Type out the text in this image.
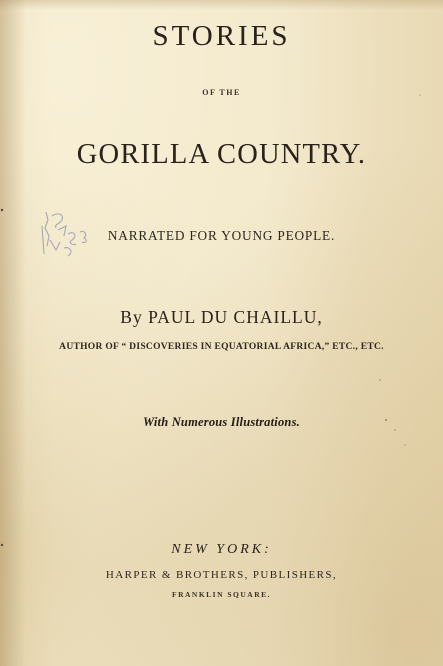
STORIES
OF THE
GORILLA COUNTRY.
NARRATED FOR YOUNG PEOPLE.
By PAUL DU CHAILLU,
AUTHOR OF “ DISCOVERIES IN EQUATORIAL AFRICA,” ETC., ETC.
With Numerous Illustrations.
NEW YORK:
HARPER & BROTHERS, PUBLISHERS,
FRANKLIN SQUARE.
